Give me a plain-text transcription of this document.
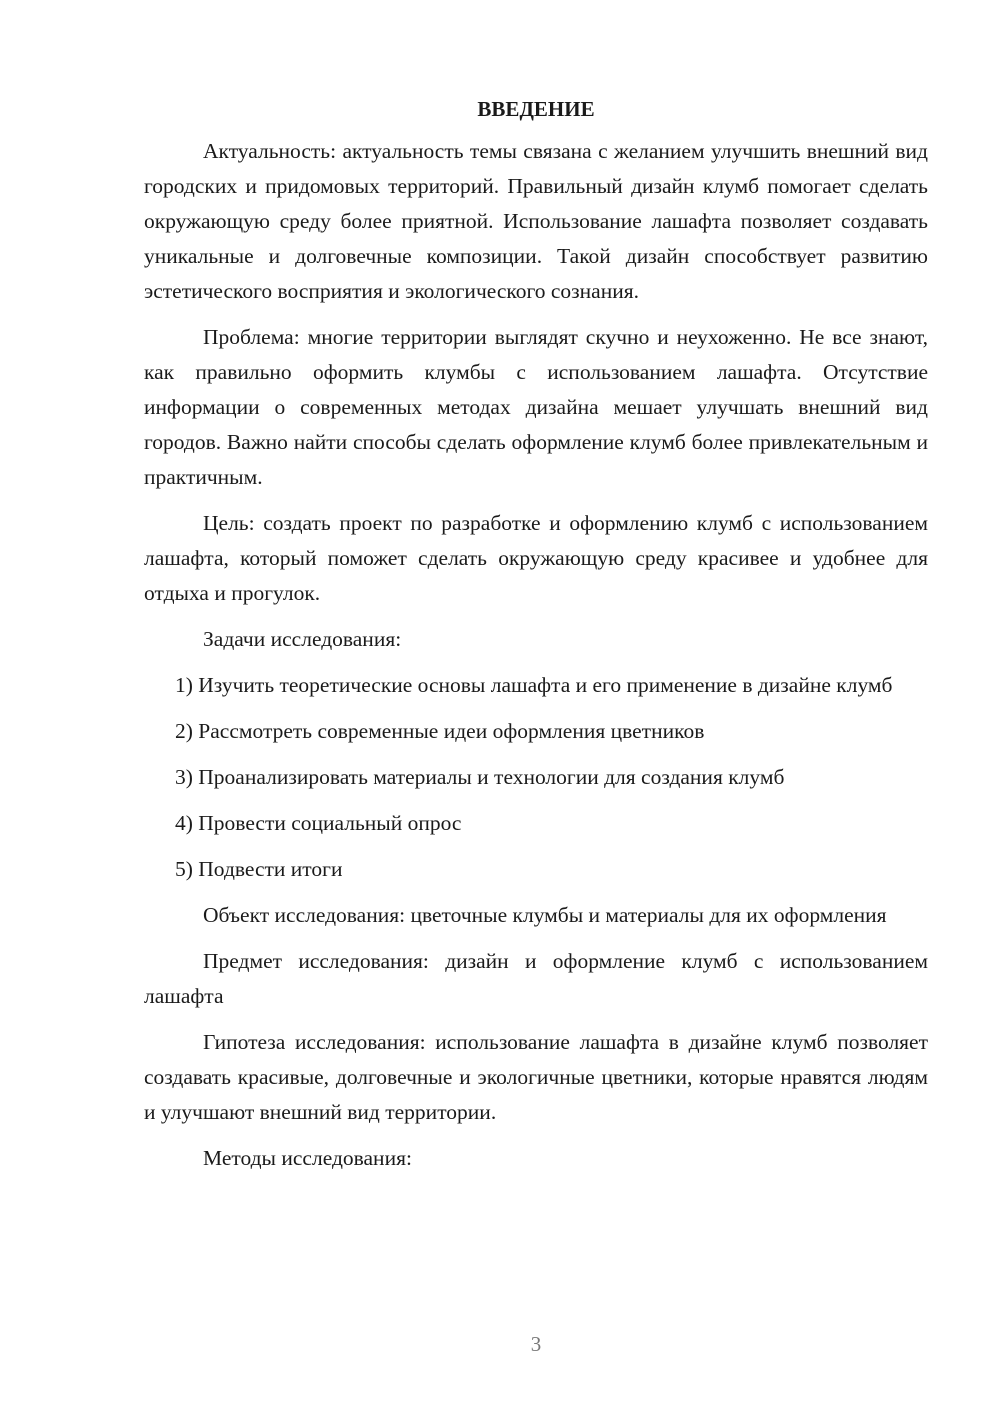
ВВЕДЕНИЕ

Актуальность: актуальность темы связана с желанием улучшить внешний вид городских и придомовых территорий. Правильный дизайн клумб помогает сделать окружающую среду более приятной. Использование лашафта позволяет создавать уникальные и долговечные композиции. Такой дизайн способствует развитию эстетического восприятия и экологического сознания.

Проблема: многие территории выглядят скучно и неухоженно. Не все знают, как правильно оформить клумбы с использованием лашафта. Отсутствие информации о современных методах дизайна мешает улучшать внешний вид городов. Важно найти способы сделать оформление клумб более привлекательным и практичным.

Цель: создать проект по разработке и оформлению клумб с использованием лашафта, который поможет сделать окружающую среду красивее и удобнее для отдыха и прогулок.

Задачи исследования:

1) Изучить теоретические основы лашафта и его применение в дизайне клумб

2) Рассмотреть современные идеи оформления цветников

3) Проанализировать материалы и технологии для создания клумб

4) Провести социальный опрос

5) Подвести итоги

Объект исследования: цветочные клумбы и материалы для их оформления

Предмет исследования: дизайн и оформление клумб с использованием лашафта

Гипотеза исследования: использование лашафта в дизайне клумб позволяет создавать красивые, долговечные и экологичные цветники, которые нравятся людям и улучшают внешний вид территории.

Методы исследования:

3
